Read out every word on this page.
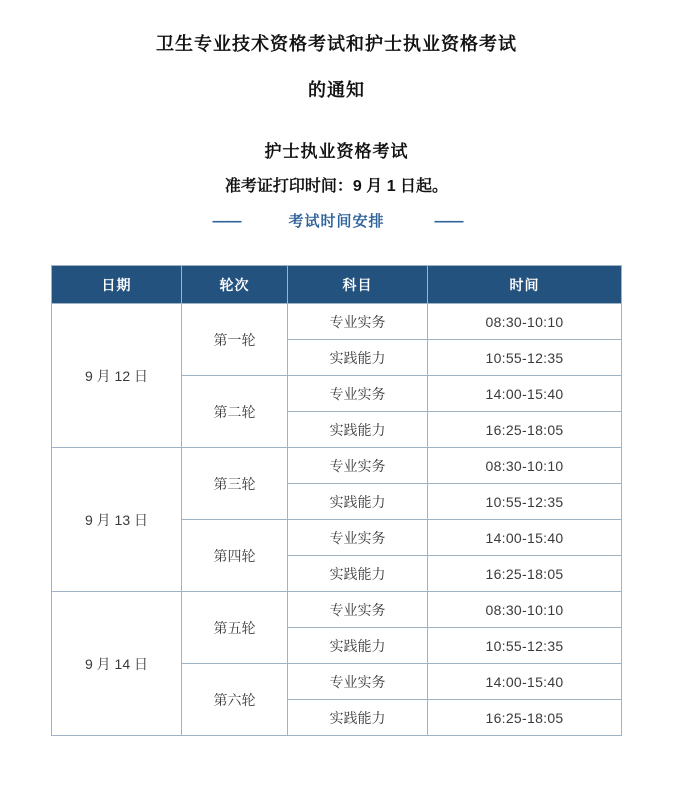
卫生专业技术资格考试和护士执业资格考试
的通知
护士执业资格考试
准考证打印时间：9 月 1 日起。
——	考试时间安排	——
日期	轮次	科目	时间
9 月 12 日	第一轮	专业实务	08:30-10:10
		实践能力	10:55-12:35
	第二轮	专业实务	14:00-15:40
		实践能力	16:25-18:05
9 月 13 日	第三轮	专业实务	08:30-10:10
		实践能力	10:55-12:35
	第四轮	专业实务	14:00-15:40
		实践能力	16:25-18:05
9 月 14 日	第五轮	专业实务	08:30-10:10
		实践能力	10:55-12:35
	第六轮	专业实务	14:00-15:40
		实践能力	16:25-18:05
